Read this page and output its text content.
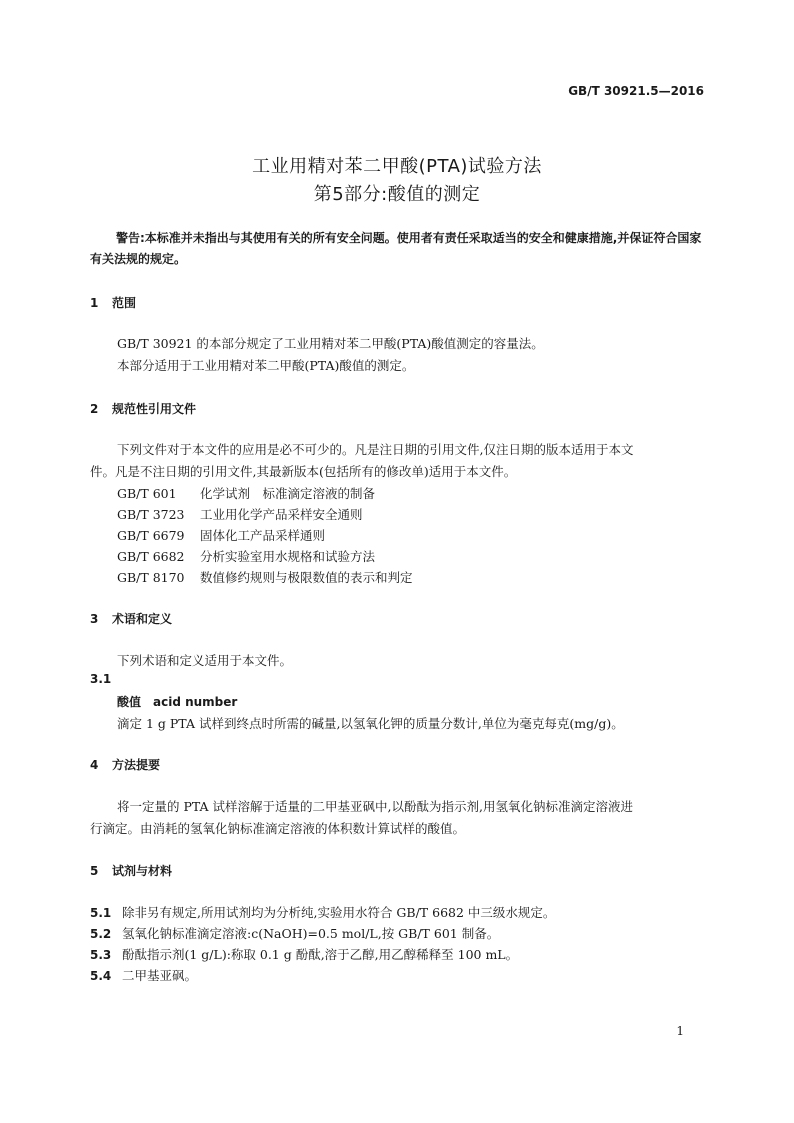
GB/T 30921.5—2016
工业用精对苯二甲酸(PTA)试验方法
第5部分:酸值的测定
警告:本标准并未指出与其使用有关的所有安全问题。使用者有责任采取适当的安全和健康措施,并保证符合国家有关法规的规定。
1 范围
GB/T 30921 的本部分规定了工业用精对苯二甲酸(PTA)酸值测定的容量法。
本部分适用于工业用精对苯二甲酸(PTA)酸值的测定。
2 规范性引用文件
下列文件对于本文件的应用是必不可少的。凡是注日期的引用文件,仅注日期的版本适用于本文
件。凡是不注日期的引用文件,其最新版本(包括所有的修改单)适用于本文件。
GB/T 601 化学试剂　标准滴定溶液的制备
GB/T 3723 工业用化学产品采样安全通则
GB/T 6679 固体化工产品采样通则
GB/T 6682 分析实验室用水规格和试验方法
GB/T 8170 数值修约规则与极限数值的表示和判定
3 术语和定义
下列术语和定义适用于本文件。
3.1
酸值　acid number
滴定 1 g PTA 试样到终点时所需的碱量,以氢氧化钾的质量分数计,单位为毫克每克(mg/g)。
4 方法提要
将一定量的 PTA 试样溶解于适量的二甲基亚砜中,以酚酞为指示剂,用氢氧化钠标准滴定溶液进
行滴定。由消耗的氢氧化钠标准滴定溶液的体积数计算试样的酸值。
5 试剂与材料
5.1 除非另有规定,所用试剂均为分析纯,实验用水符合 GB/T 6682 中三级水规定。
5.2 氢氧化钠标准滴定溶液:c(NaOH)=0.5 mol/L,按 GB/T 601 制备。
5.3 酚酞指示剂(1 g/L):称取 0.1 g 酚酞,溶于乙醇,用乙醇稀释至 100 mL。
5.4 二甲基亚砜。
1
